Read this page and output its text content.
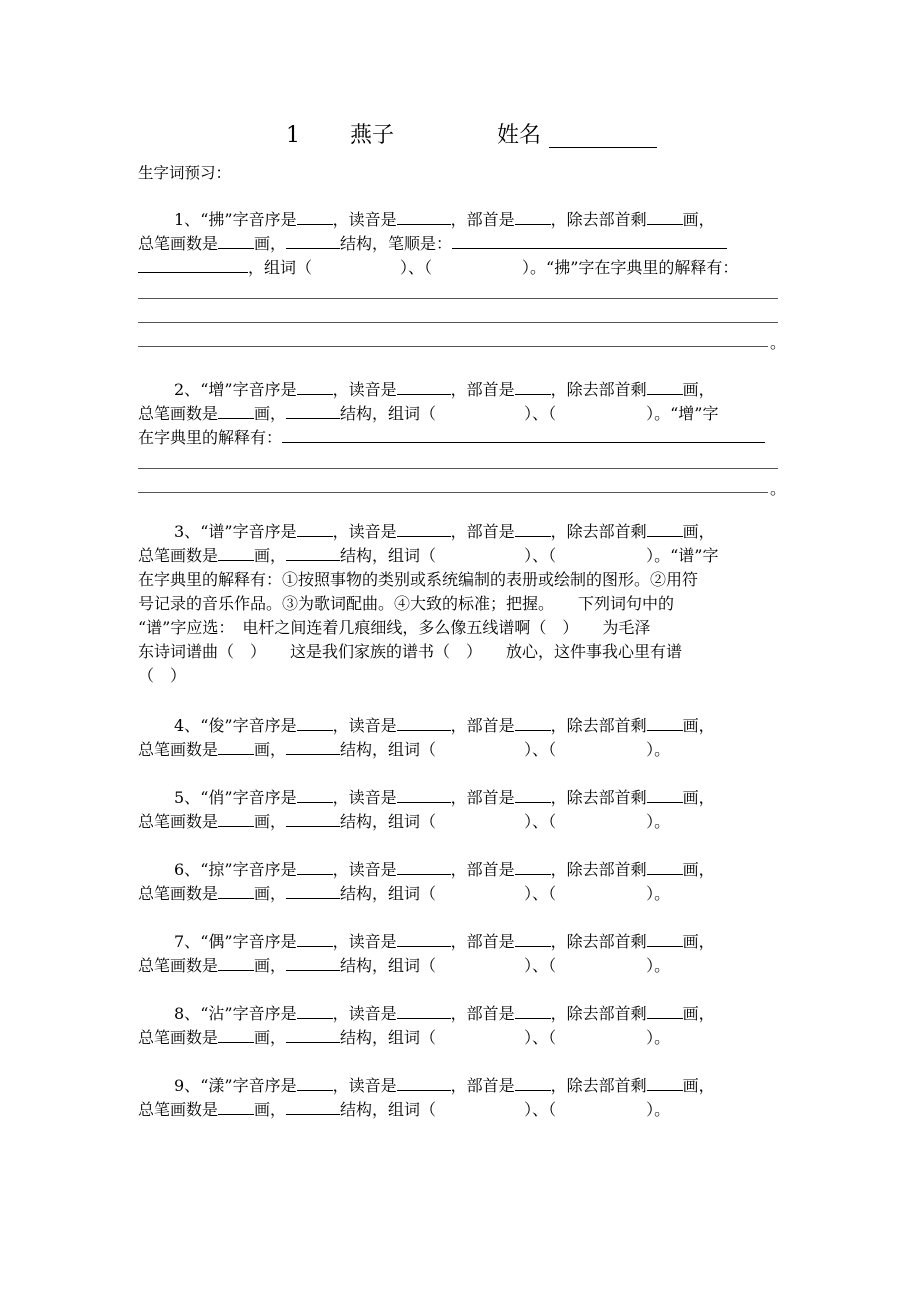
1 燕子	姓名
生字词预习：
1、“拂”字音序是 ，读音是	，部首是 ，除去部首剩 画，
总笔画数是 画，	结构，笔顺是：
，组词（	）、（	）。“拂”字在字典里的解释有：
。
2、“增”字音序是 ，读音是	，部首是 ，除去部首剩 画，
总笔画数是 画，	结构，组词（	）、（	）。“增”字
在字典里的解释有：
。
3、“谱”字音序是 ，读音是	，部首是 ，除去部首剩 画，
总笔画数是 画，	结构，组词（	）、（	）。“谱”字
在字典里的解释有：①按照事物的类别或系统编制的表册或绘制的图形。②用符
号记录的音乐作品。③为歌词配曲。④大致的标准；把握。　　下列词句中的
“谱”字应选：　电杆之间连着几痕细线，多么像五线谱啊（　）　　为毛泽
东诗词谱曲（　）　　这是我们家族的谱书（　）　　放心，这件事我心里有谱
（　）
4、“俊”字音序是 ，读音是	，部首是 ，除去部首剩 画，
总笔画数是 画，	结构，组词（	）、（	）。
5、“俏”字音序是 ，读音是	，部首是 ，除去部首剩 画，
总笔画数是 画，	结构，组词（	）、（	）。
6、“掠”字音序是 ，读音是	，部首是 ，除去部首剩 画，
总笔画数是 画，	结构，组词（	）、（	）。
7、“偶”字音序是 ，读音是	，部首是 ，除去部首剩 画，
总笔画数是 画，	结构，组词（	）、（	）。
8、“沾”字音序是 ，读音是	，部首是 ，除去部首剩 画，
总笔画数是 画，	结构，组词（	）、（	）。
9、“漾”字音序是 ，读音是	，部首是 ，除去部首剩 画，
总笔画数是 画，	结构，组词（	）、（	）。
